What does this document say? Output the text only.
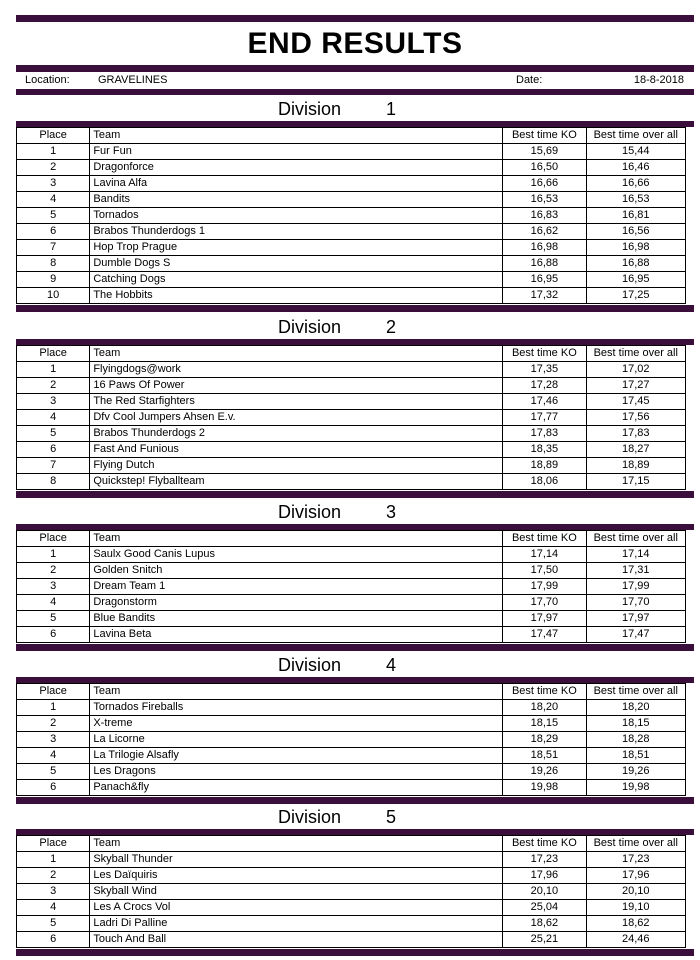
END RESULTS
Location:	GRAVELINES	Date:	18-8-2018
Division 1
Place	Team	Best time KO	Best time over all
1	Fur Fun	15,69	15,44
2	Dragonforce	16,50	16,46
3	Lavina Alfa	16,66	16,66
4	Bandits	16,53	16,53
5	Tornados	16,83	16,81
6	Brabos Thunderdogs 1	16,62	16,56
7	Hop Trop Prague	16,98	16,98
8	Dumble Dogs S	16,88	16,88
9	Catching Dogs	16,95	16,95
10	The Hobbits	17,32	17,25
Division 2
Place	Team	Best time KO	Best time over all
1	Flyingdogs@work	17,35	17,02
2	16 Paws Of Power	17,28	17,27
3	The Red Starfighters	17,46	17,45
4	Dfv Cool Jumpers Ahsen E.v.	17,77	17,56
5	Brabos Thunderdogs 2	17,83	17,83
6	Fast And Funious	18,35	18,27
7	Flying Dutch	18,89	18,89
8	Quickstep! Flyballteam	18,06	17,15
Division 3
Place	Team	Best time KO	Best time over all
1	Saulx Good Canis Lupus	17,14	17,14
2	Golden Snitch	17,50	17,31
3	Dream Team 1	17,99	17,99
4	Dragonstorm	17,70	17,70
5	Blue Bandits	17,97	17,97
6	Lavina Beta	17,47	17,47
Division 4
Place	Team	Best time KO	Best time over all
1	Tornados Fireballs	18,20	18,20
2	X-treme	18,15	18,15
3	La Licorne	18,29	18,28
4	La Trilogie Alsafly	18,51	18,51
5	Les Dragons	19,26	19,26
6	Panach&fly	19,98	19,98
Division 5
Place	Team	Best time KO	Best time over all
1	Skyball Thunder	17,23	17,23
2	Les Daïquiris	17,96	17,96
3	Skyball Wind	20,10	20,10
4	Les A Crocs Vol	25,04	19,10
5	Ladri Di Palline	18,62	18,62
6	Touch And Ball	25,21	24,46
